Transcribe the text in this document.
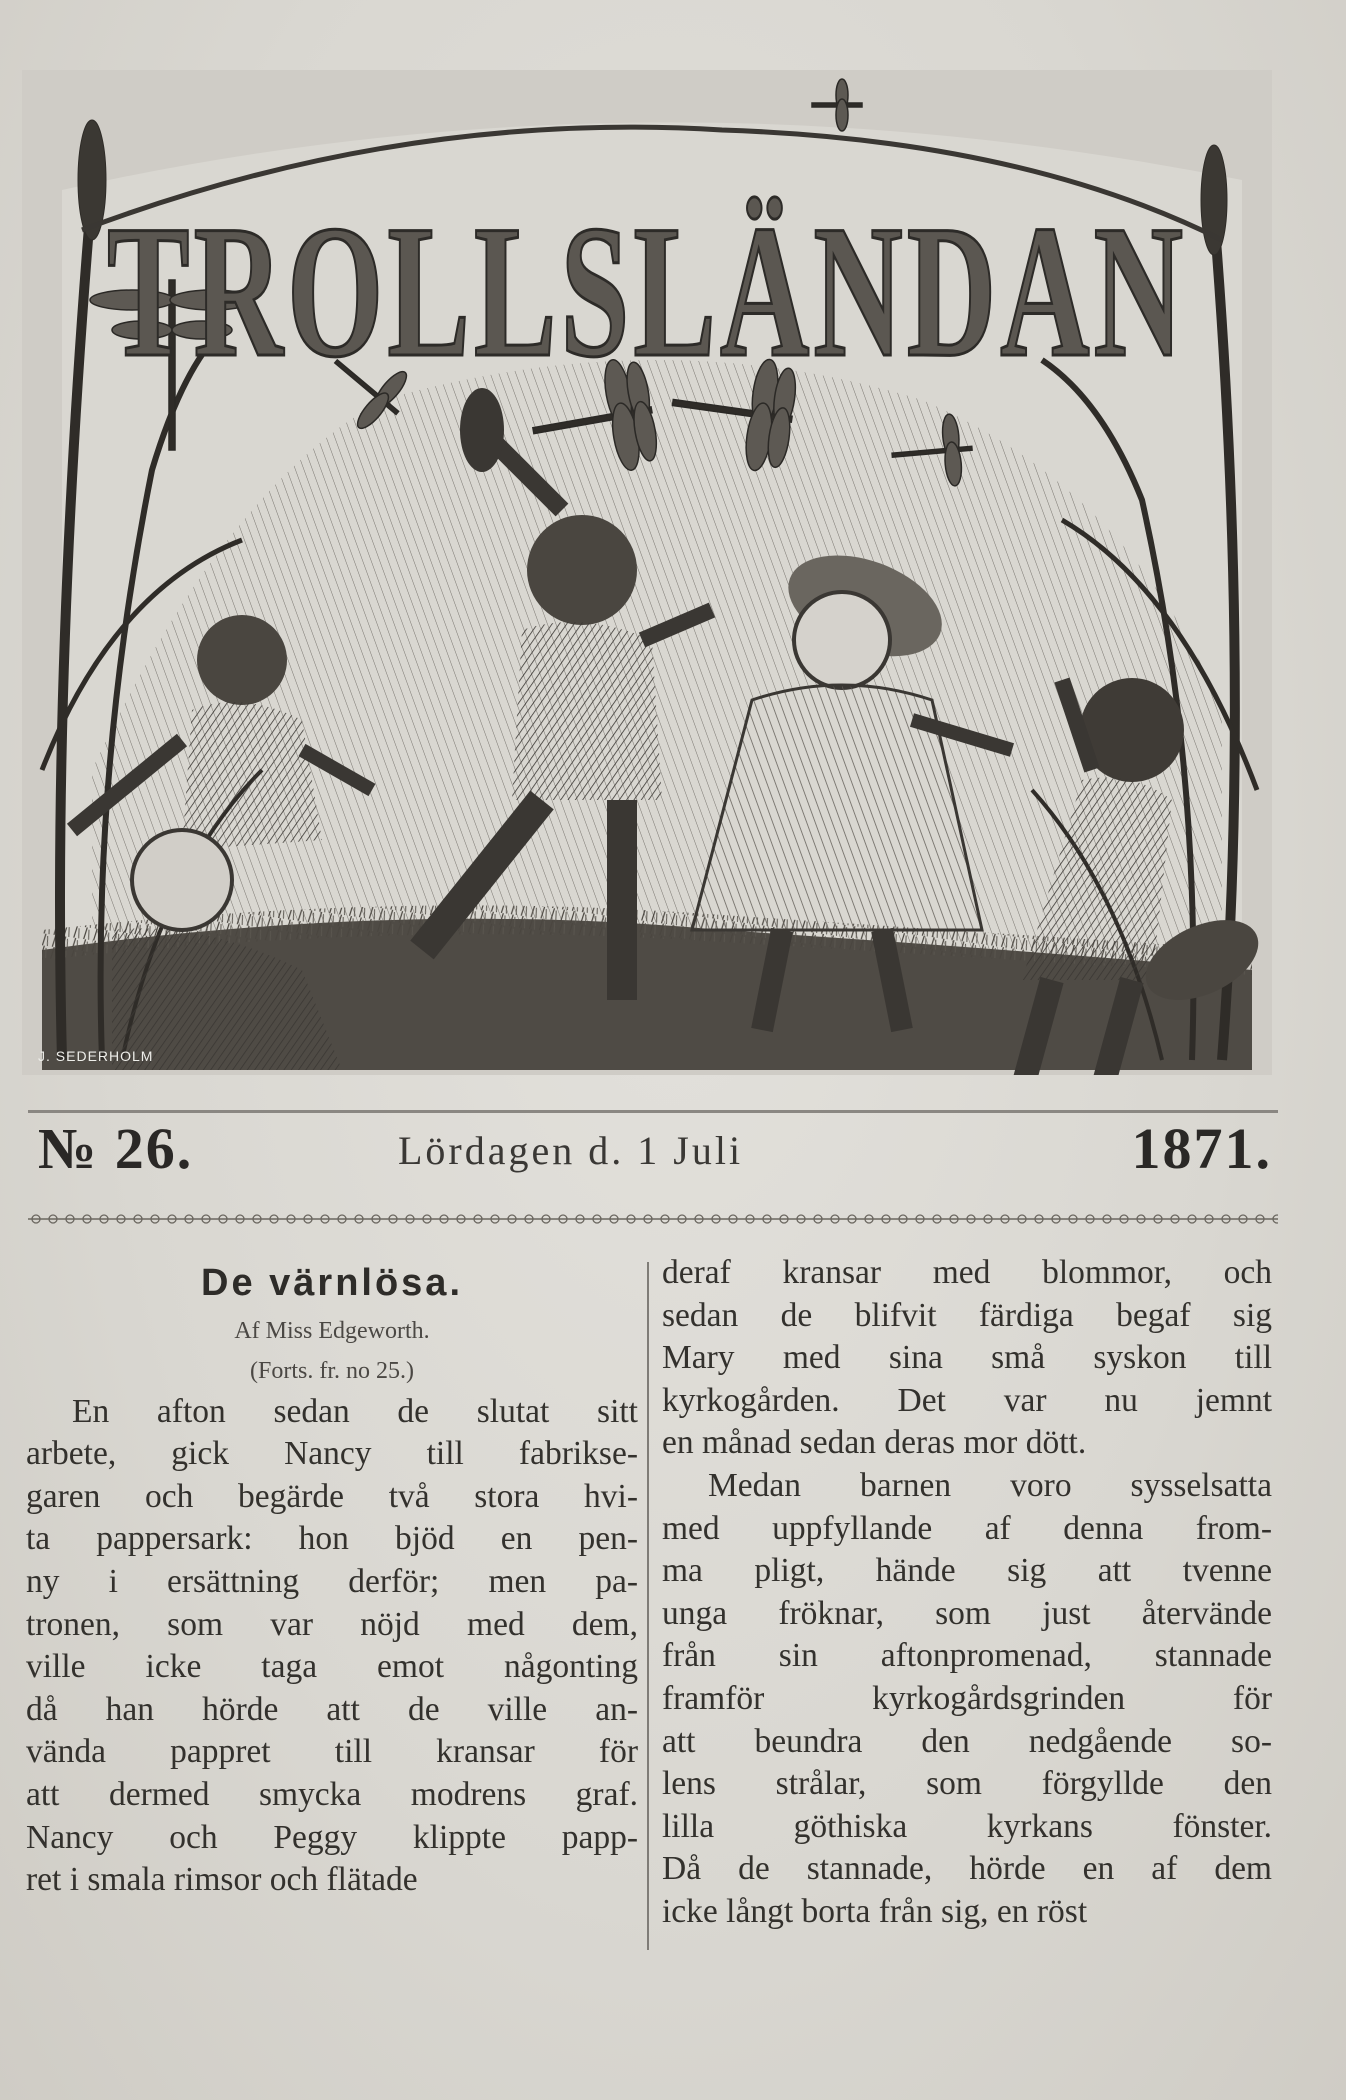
TROLLSLÄNDAN
J. SEDERHOLM
№ 26.	Lördagen d. 1 Juli	1871.
De värnlösa.
Af Miss Edgeworth.
(Forts. fr. no 25.)
En afton sedan de slutat sitt
arbete, gick Nancy till fabrikse-
garen och begärde två stora hvi-
ta pappersark: hon bjöd en pen-
ny i ersättning derför; men pa-
tronen, som var nöjd med dem,
ville icke taga emot någonting
då han hörde att de ville an-
vända pappret till kransar för
att dermed smycka modrens graf.
Nancy och Peggy klippte papp-
ret i smala rimsor och flätade
deraf kransar med blommor, och
sedan de blifvit färdiga begaf sig
Mary med sina små syskon till
kyrkogården. Det var nu jemnt
en månad sedan deras mor dött.
Medan barnen voro sysselsatta
med uppfyllande af denna from-
ma pligt, hände sig att tvenne
unga fröknar, som just återvände
från sin aftonpromenad, stannade
framför kyrkogårdsgrinden för
att beundra den nedgående so-
lens strålar, som förgyllde den
lilla göthiska kyrkans fönster.
Då de stannade, hörde en af dem
icke långt borta från sig, en röst
